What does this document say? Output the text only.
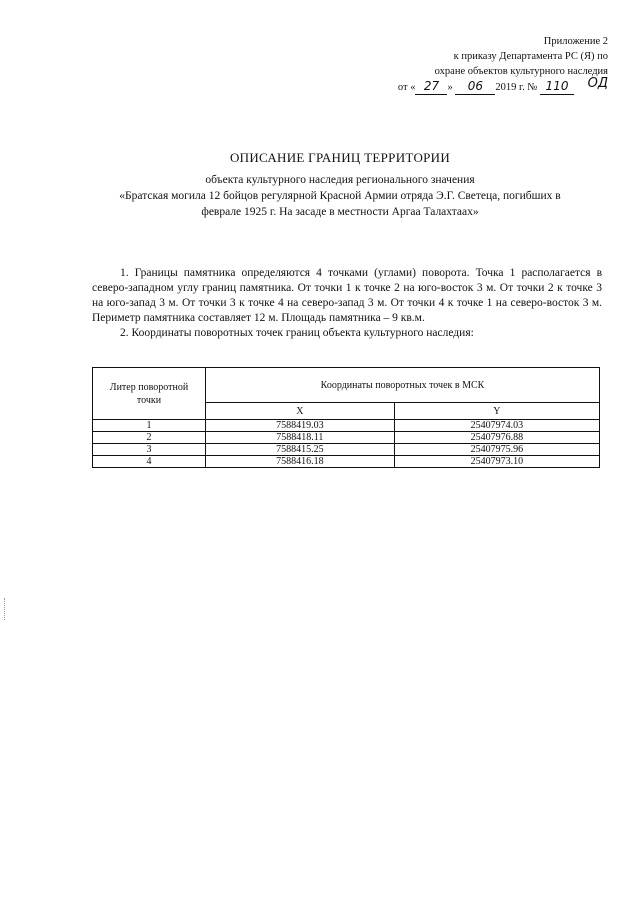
Приложение 2
к приказу Департамента РС (Я) по
охране объектов культурного наследия
от « 27 » 06 2019 г. № 110 ОД
ОПИСАНИЕ ГРАНИЦ ТЕРРИТОРИИ
объекта культурного наследия регионального значения
«Братская могила 12 бойцов регулярной Красной Армии отряда Э.Г. Светеца, погибших в
феврале 1925 г. На засаде в местности Аргаа Талахтаах»

1. Границы памятника определяются 4 точками (углами) поворота. Точка 1 располагается в северо-западном углу границ памятника. От точки 1 к точке 2 на юго-восток 3 м. От точки 2 к точке 3 на юго-запад 3 м. От точки 3 к точке 4 на северо-запад 3 м. От точки 4 к точке 1 на северо-восток 3 м. Периметр памятника составляет 12 м. Площадь памятника – 9 кв.м.

2. Координаты поворотных точек границ объекта культурного наследия:

Литер поворотной точки	Координаты поворотных точек в МСК	
	X	Y
1	7588419.03	25407974.03
2	7588418.11	25407976.88
3	7588415.25	25407975.96
4	7588416.18	25407973.10
